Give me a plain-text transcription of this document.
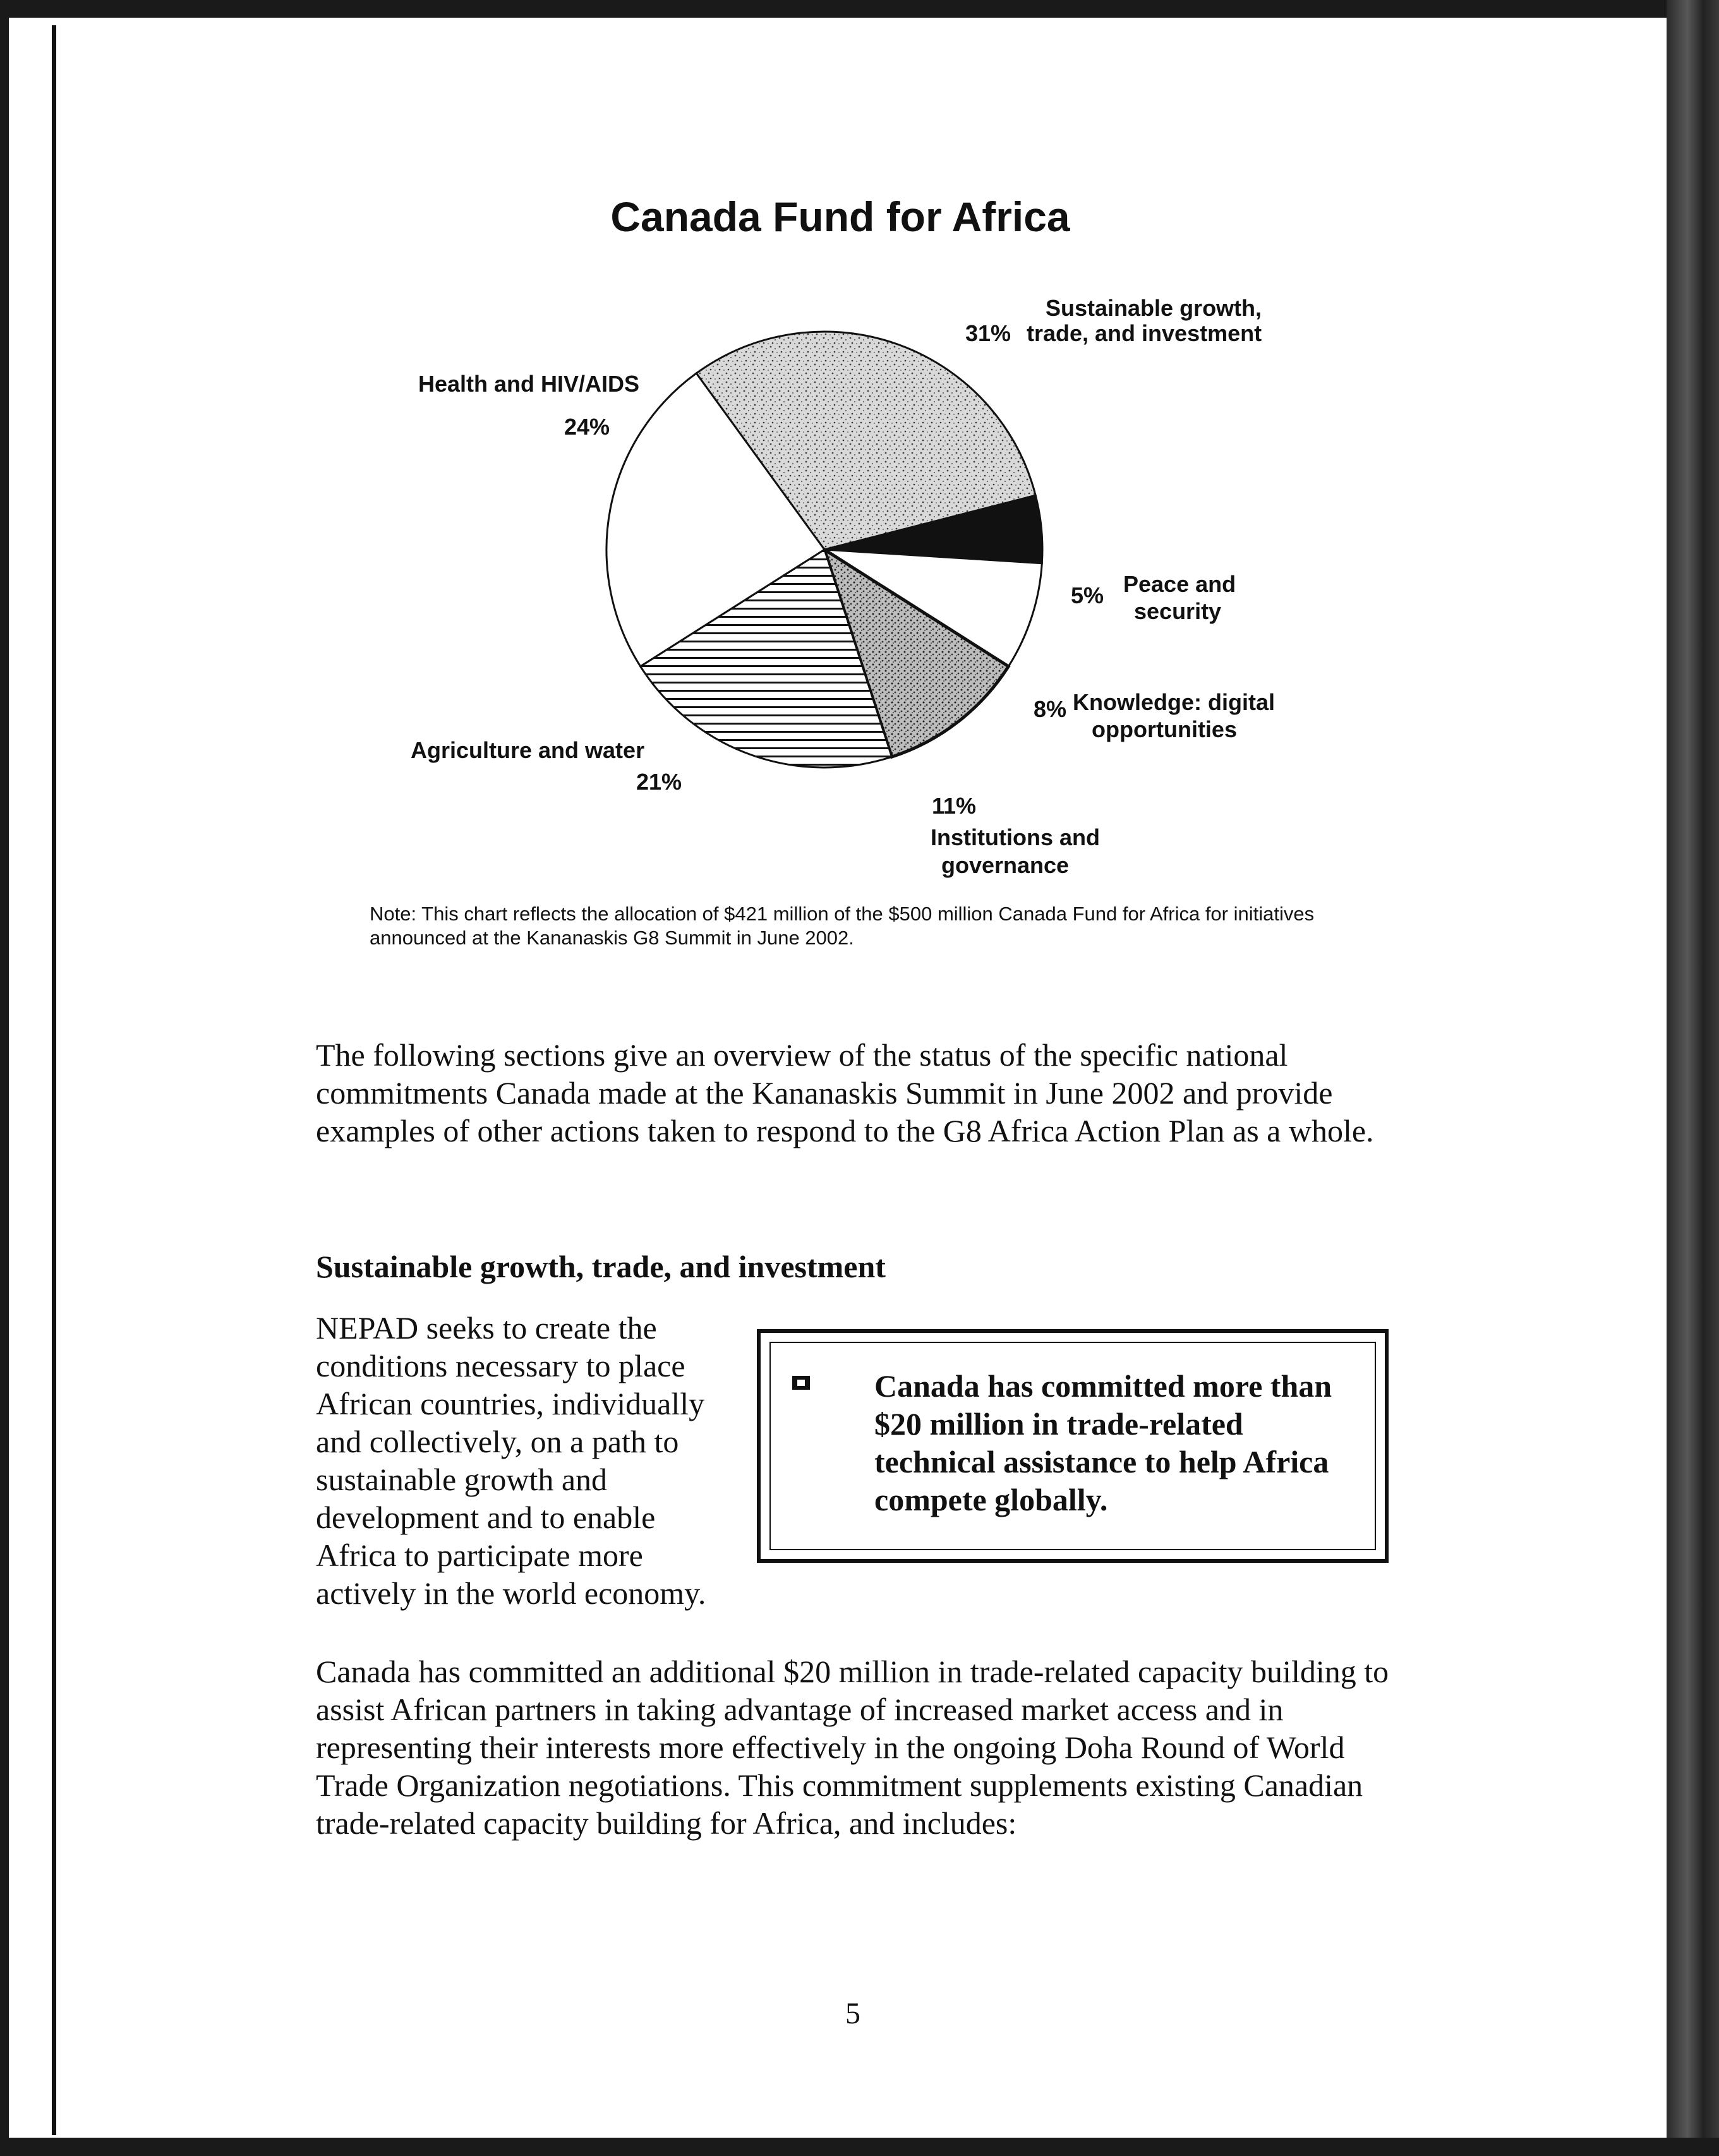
Canada Fund for Africa
31%
Sustainable growth,
trade, and investment
5% Peace and
security
8% Knowledge: digital
opportunities
11%
Institutions and
governance
Agriculture and water
21%
Health and HIV/AIDS
24%

Note: This chart reflects the allocation of $421 million of the $500 million Canada Fund for Africa for initiatives announced at the Kananaskis G8 Summit in June 2002.

The following sections give an overview of the status of the specific national commitments Canada made at the Kananaskis Summit in June 2002 and provide examples of other actions taken to respond to the G8 Africa Action Plan as a whole.

Sustainable growth, trade, and investment

NEPAD seeks to create the conditions necessary to place African countries, individually and collectively, on a path to sustainable growth and development and to enable Africa to participate more actively in the world economy.

Canada has committed more than $20 million in trade-related technical assistance to help Africa compete globally.

Canada has committed an additional $20 million in trade-related capacity building to assist African partners in taking advantage of increased market access and in representing their interests more effectively in the ongoing Doha Round of World Trade Organization negotiations. This commitment supplements existing Canadian trade-related capacity building for Africa, and includes:

5
